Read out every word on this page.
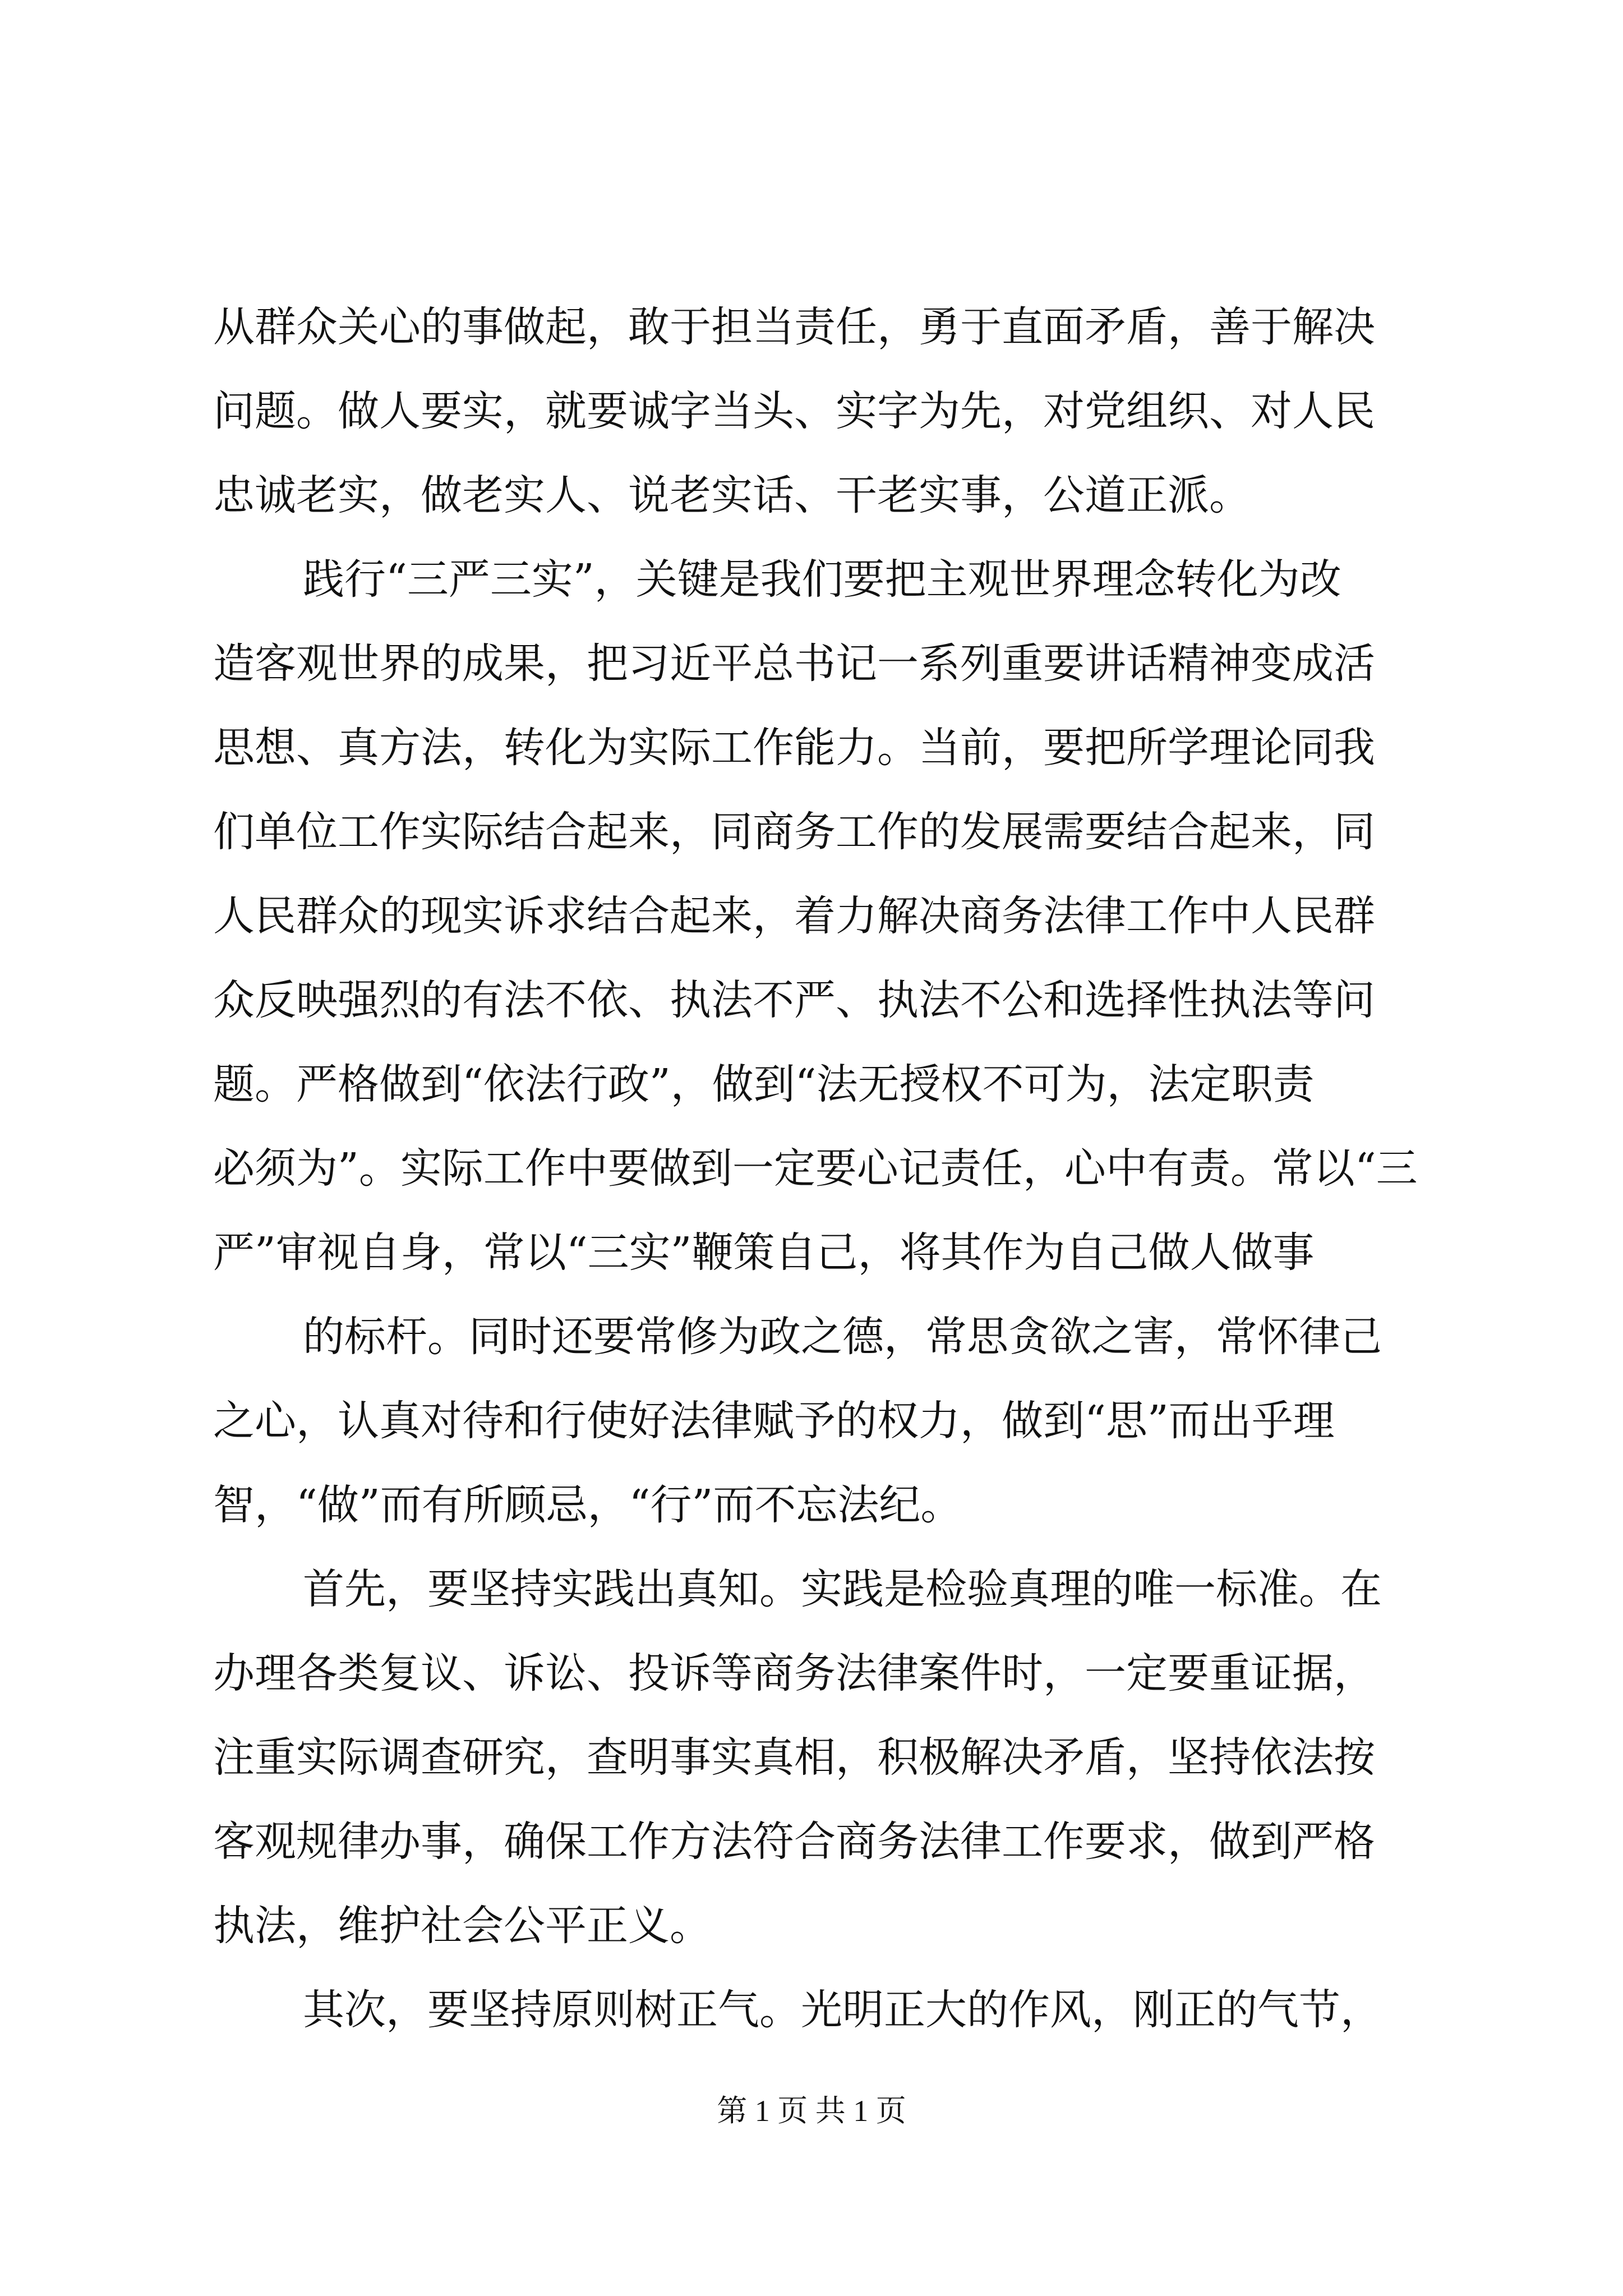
从群众关心的事做起，敢于担当责任，勇于直面矛盾，善于解决
问题。做人要实，就要诚字当头、实字为先，对党组织、对人民
忠诚老实，做老实人、说老实话、干老实事，公道正派。
践行“三严三实”，关键是我们要把主观世界理念转化为改
造客观世界的成果，把习近平总书记一系列重要讲话精神变成活
思想、真方法，转化为实际工作能力。当前，要把所学理论同我
们单位工作实际结合起来，同商务工作的发展需要结合起来，同
人民群众的现实诉求结合起来，着力解决商务法律工作中人民群
众反映强烈的有法不依、执法不严、执法不公和选择性执法等问
题。严格做到“依法行政”，做到“法无授权不可为，法定职责
必须为”。实际工作中要做到一定要心记责任，心中有责。常以“三
严”审视自身，常以“三实”鞭策自己，将其作为自己做人做事
的标杆。同时还要常修为政之德，常思贪欲之害，常怀律己
之心，认真对待和行使好法律赋予的权力，做到“思”而出乎理
智，“做”而有所顾忌，“行”而不忘法纪。
首先，要坚持实践出真知。实践是检验真理的唯一标准。在
办理各类复议、诉讼、投诉等商务法律案件时，一定要重证据，
注重实际调查研究，查明事实真相，积极解决矛盾，坚持依法按
客观规律办事，确保工作方法符合商务法律工作要求，做到严格
执法，维护社会公平正义。
其次，要坚持原则树正气。光明正大的作风，刚正的气节，
第 1 页 共 1 页
